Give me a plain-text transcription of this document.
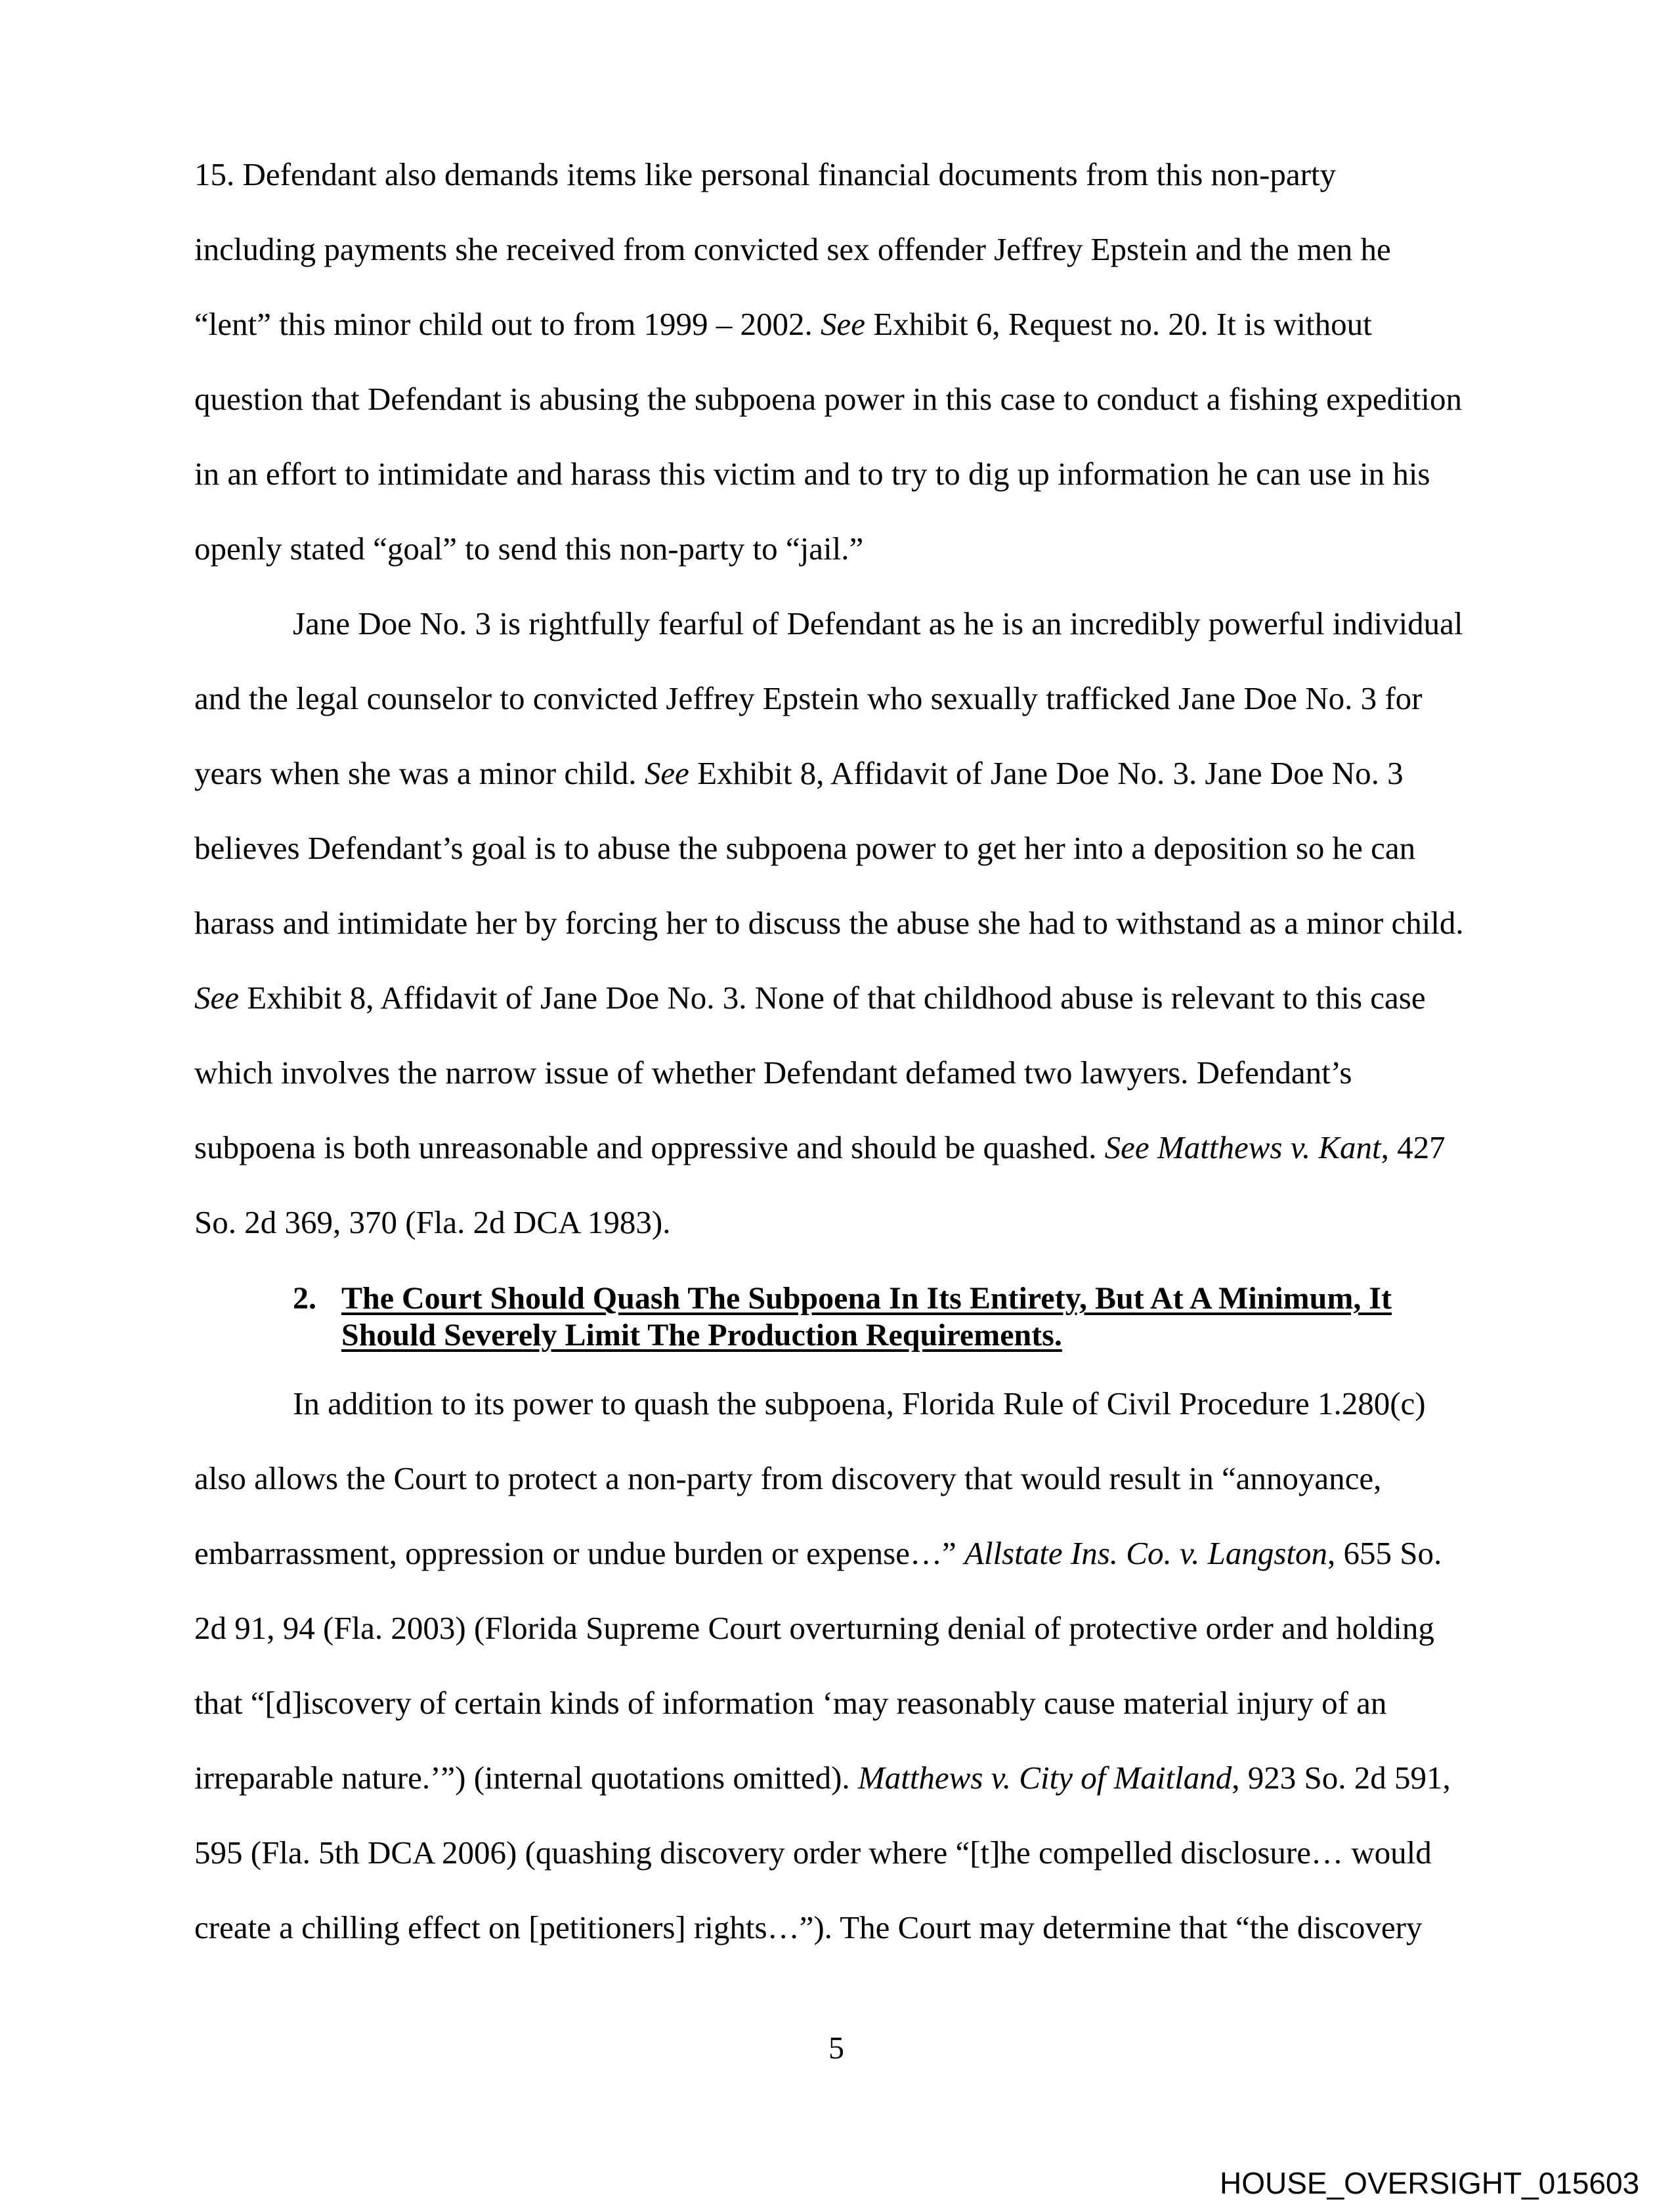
15. Defendant also demands items like personal financial documents from this non-party
including payments she received from convicted sex offender Jeffrey Epstein and the men he
“lent” this minor child out to from 1999 – 2002. See Exhibit 6, Request no. 20. It is without
question that Defendant is abusing the subpoena power in this case to conduct a fishing expedition
in an effort to intimidate and harass this victim and to try to dig up information he can use in his
openly stated “goal” to send this non-party to “jail.”
Jane Doe No. 3 is rightfully fearful of Defendant as he is an incredibly powerful individual
and the legal counselor to convicted Jeffrey Epstein who sexually trafficked Jane Doe No. 3 for
years when she was a minor child. See Exhibit 8, Affidavit of Jane Doe No. 3. Jane Doe No. 3
believes Defendant’s goal is to abuse the subpoena power to get her into a deposition so he can
harass and intimidate her by forcing her to discuss the abuse she had to withstand as a minor child.
See Exhibit 8, Affidavit of Jane Doe No. 3. None of that childhood abuse is relevant to this case
which involves the narrow issue of whether Defendant defamed two lawyers. Defendant’s
subpoena is both unreasonable and oppressive and should be quashed. See Matthews v. Kant, 427
So. 2d 369, 370 (Fla. 2d DCA 1983).
2. The Court Should Quash The Subpoena In Its Entirety, But At A Minimum, It
Should Severely Limit The Production Requirements.
In addition to its power to quash the subpoena, Florida Rule of Civil Procedure 1.280(c)
also allows the Court to protect a non-party from discovery that would result in “annoyance,
embarrassment, oppression or undue burden or expense…” Allstate Ins. Co. v. Langston, 655 So.
2d 91, 94 (Fla. 2003) (Florida Supreme Court overturning denial of protective order and holding
that “[d]iscovery of certain kinds of information ‘may reasonably cause material injury of an
irreparable nature.’”) (internal quotations omitted). Matthews v. City of Maitland, 923 So. 2d 591,
595 (Fla. 5th DCA 2006) (quashing discovery order where “[t]he compelled disclosure… would
create a chilling effect on [petitioners] rights…”). The Court may determine that “the discovery
5
HOUSE_OVERSIGHT_015603
